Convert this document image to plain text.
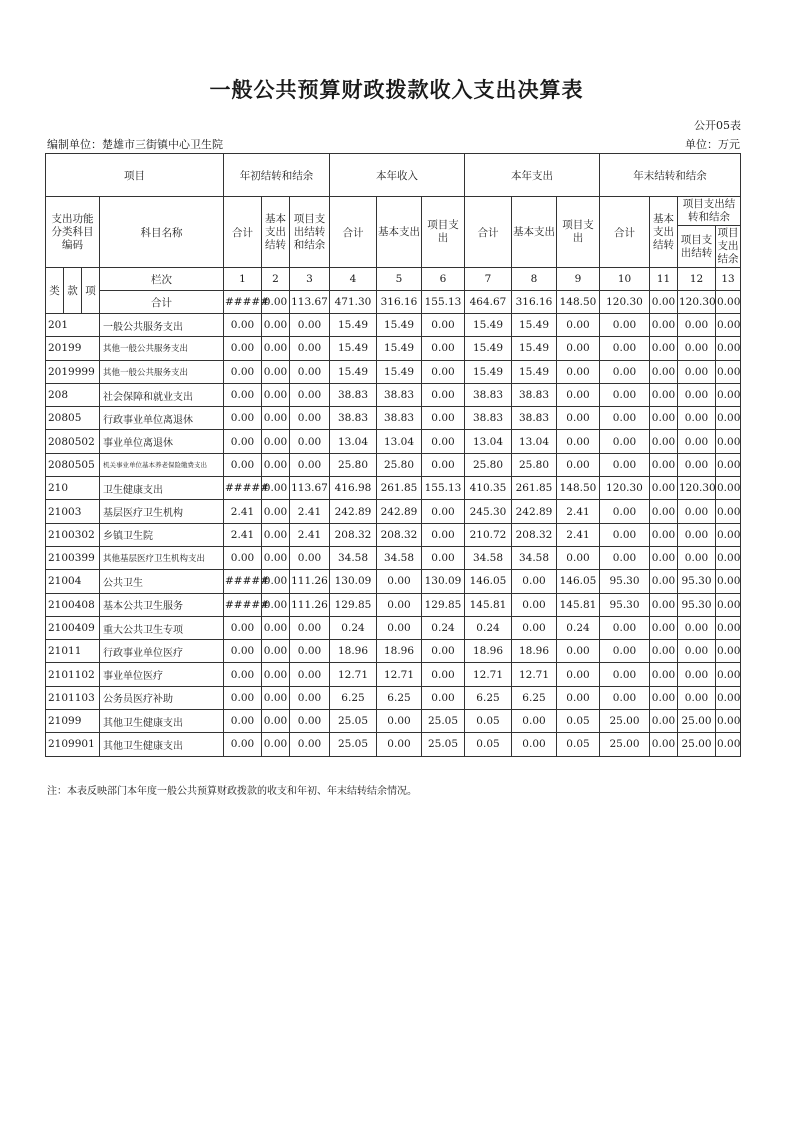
一般公共预算财政拨款收入支出决算表
公开05表
编制单位：楚雄市三街镇中心卫生院	单位：万元
项目				年初结转和结余			本年收入			本年支出			年末结转和结余			
支出功能分类科目编码			科目名称	合计	基本支出结转	项目支出结转和结余	合计	基本支出	项目支出	合计	基本支出	项目支出	合计	基本支出结转	项目支出结转和结余	
															项目支出结转	项目支出结余
类	款	项	栏次	1	2	3	4	5	6	7	8	9	10	11	12	13
			合计	#####	0.00	113.67	471.30	316.16	155.13	464.67	316.16	148.50	120.30	0.00	120.30	0.00
201			一般公共服务支出	0.00	0.00	0.00	15.49	15.49	0.00	15.49	15.49	0.00	0.00	0.00	0.00	0.00
20199			其他一般公共服务支出	0.00	0.00	0.00	15.49	15.49	0.00	15.49	15.49	0.00	0.00	0.00	0.00	0.00
2019999			其他一般公共服务支出	0.00	0.00	0.00	15.49	15.49	0.00	15.49	15.49	0.00	0.00	0.00	0.00	0.00
208			社会保障和就业支出	0.00	0.00	0.00	38.83	38.83	0.00	38.83	38.83	0.00	0.00	0.00	0.00	0.00
20805			行政事业单位离退休	0.00	0.00	0.00	38.83	38.83	0.00	38.83	38.83	0.00	0.00	0.00	0.00	0.00
2080502			事业单位离退休	0.00	0.00	0.00	13.04	13.04	0.00	13.04	13.04	0.00	0.00	0.00	0.00	0.00
2080505			机关事业单位基本养老保险缴费支出	0.00	0.00	0.00	25.80	25.80	0.00	25.80	25.80	0.00	0.00	0.00	0.00	0.00
210			卫生健康支出	#####	0.00	113.67	416.98	261.85	155.13	410.35	261.85	148.50	120.30	0.00	120.30	0.00
21003			基层医疗卫生机构	2.41	0.00	2.41	242.89	242.89	0.00	245.30	242.89	2.41	0.00	0.00	0.00	0.00
2100302			乡镇卫生院	2.41	0.00	2.41	208.32	208.32	0.00	210.72	208.32	2.41	0.00	0.00	0.00	0.00
2100399			其他基层医疗卫生机构支出	0.00	0.00	0.00	34.58	34.58	0.00	34.58	34.58	0.00	0.00	0.00	0.00	0.00
21004			公共卫生	#####	0.00	111.26	130.09	0.00	130.09	146.05	0.00	146.05	95.30	0.00	95.30	0.00
2100408			基本公共卫生服务	#####	0.00	111.26	129.85	0.00	129.85	145.81	0.00	145.81	95.30	0.00	95.30	0.00
2100409			重大公共卫生专项	0.00	0.00	0.00	0.24	0.00	0.24	0.24	0.00	0.24	0.00	0.00	0.00	0.00
21011			行政事业单位医疗	0.00	0.00	0.00	18.96	18.96	0.00	18.96	18.96	0.00	0.00	0.00	0.00	0.00
2101102			事业单位医疗	0.00	0.00	0.00	12.71	12.71	0.00	12.71	12.71	0.00	0.00	0.00	0.00	0.00
2101103			公务员医疗补助	0.00	0.00	0.00	6.25	6.25	0.00	6.25	6.25	0.00	0.00	0.00	0.00	0.00
21099			其他卫生健康支出	0.00	0.00	0.00	25.05	0.00	25.05	0.05	0.00	0.05	25.00	0.00	25.00	0.00
2109901			其他卫生健康支出	0.00	0.00	0.00	25.05	0.00	25.05	0.05	0.00	0.05	25.00	0.00	25.00	0.00
注：本表反映部门本年度一般公共预算财政拨款的收支和年初、年末结转结余情况。
